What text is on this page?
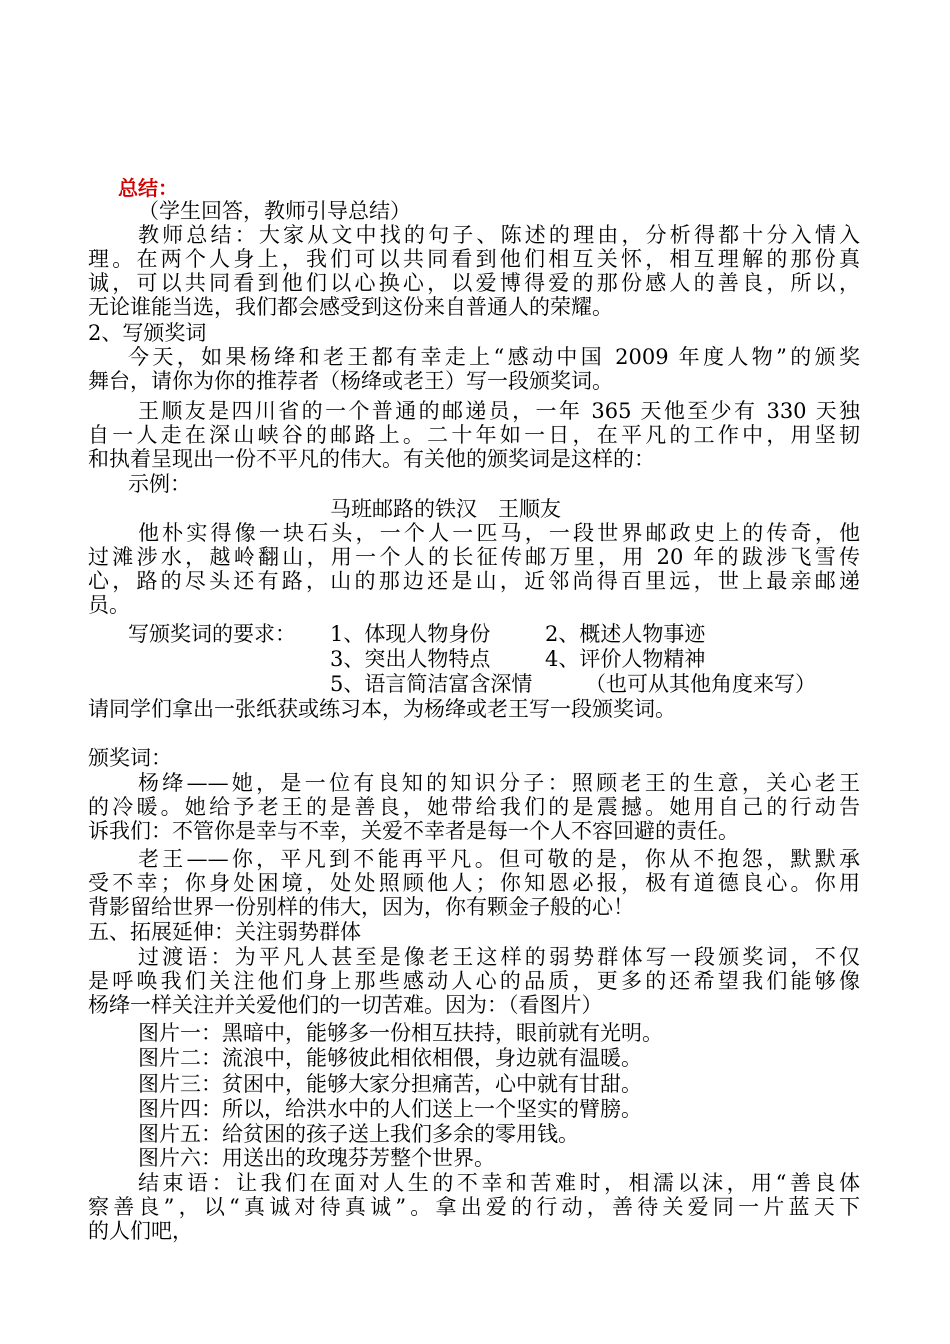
总结：
（学生回答，教师引导总结）
教师总结：大家从文中找的句子、陈述的理由，分析得都十分入情入
理。在两个人身上，我们可以共同看到他们相互关怀，相互理解的那份真
诚，可以共同看到他们以心换心，以爱博得爱的那份感人的善良，所以，
无论谁能当选，我们都会感受到这份来自普通人的荣耀。
2、写颁奖词
今天，如果杨绛和老王都有幸走上“感动中国 2009 年度人物”的颁奖
舞台，请你为你的推荐者（杨绛或老王）写一段颁奖词。
王顺友是四川省的一个普通的邮递员，一年 365 天他至少有 330 天独
自一人走在深山峡谷的邮路上。二十年如一日，在平凡的工作中，用坚韧
和执着呈现出一份不平凡的伟大。有关他的颁奖词是这样的：
示例：
马班邮路的铁汉　王顺友
他朴实得像一块石头，一个人一匹马，一段世界邮政史上的传奇，他
过滩涉水，越岭翻山，用一个人的长征传邮万里，用 20 年的跋涉飞雪传
心，路的尽头还有路，山的那边还是山，近邻尚得百里远，世上最亲邮递
员。
写颁奖词的要求： 1、体现人物身份	2、概述人物事迹
3、突出人物特点	4、评价人物精神
5、语言简洁富含深情	（也可从其他角度来写）
请同学们拿出一张纸获或练习本，为杨绛或老王写一段颁奖词。
颁奖词：
杨绛——她，是一位有良知的知识分子：照顾老王的生意，关心老王
的冷暖。她给予老王的是善良，她带给我们的是震撼。她用自己的行动告
诉我们：不管你是幸与不幸，关爱不幸者是每一个人不容回避的责任。
老王——你，平凡到不能再平凡。但可敬的是，你从不抱怨，默默承
受不幸；你身处困境，处处照顾他人；你知恩必报，极有道德良心。你用
背影留给世界一份别样的伟大，因为，你有颗金子般的心！
五、拓展延伸：关注弱势群体
过渡语：为平凡人甚至是像老王这样的弱势群体写一段颁奖词，不仅
是呼唤我们关注他们身上那些感动人心的品质，更多的还希望我们能够像
杨绛一样关注并关爱他们的一切苦难。因为：（看图片）
图片一：黑暗中，能够多一份相互扶持，眼前就有光明。
图片二：流浪中，能够彼此相依相偎，身边就有温暖。
图片三：贫困中，能够大家分担痛苦，心中就有甘甜。
图片四：所以，给洪水中的人们送上一个坚实的臂膀。
图片五：给贫困的孩子送上我们多余的零用钱。
图片六：用送出的玫瑰芬芳整个世界。
结束语：让我们在面对人生的不幸和苦难时，相濡以沫，用“善良体
察善良”，以“真诚对待真诚”。拿出爱的行动，善待关爱同一片蓝天下
的人们吧，
